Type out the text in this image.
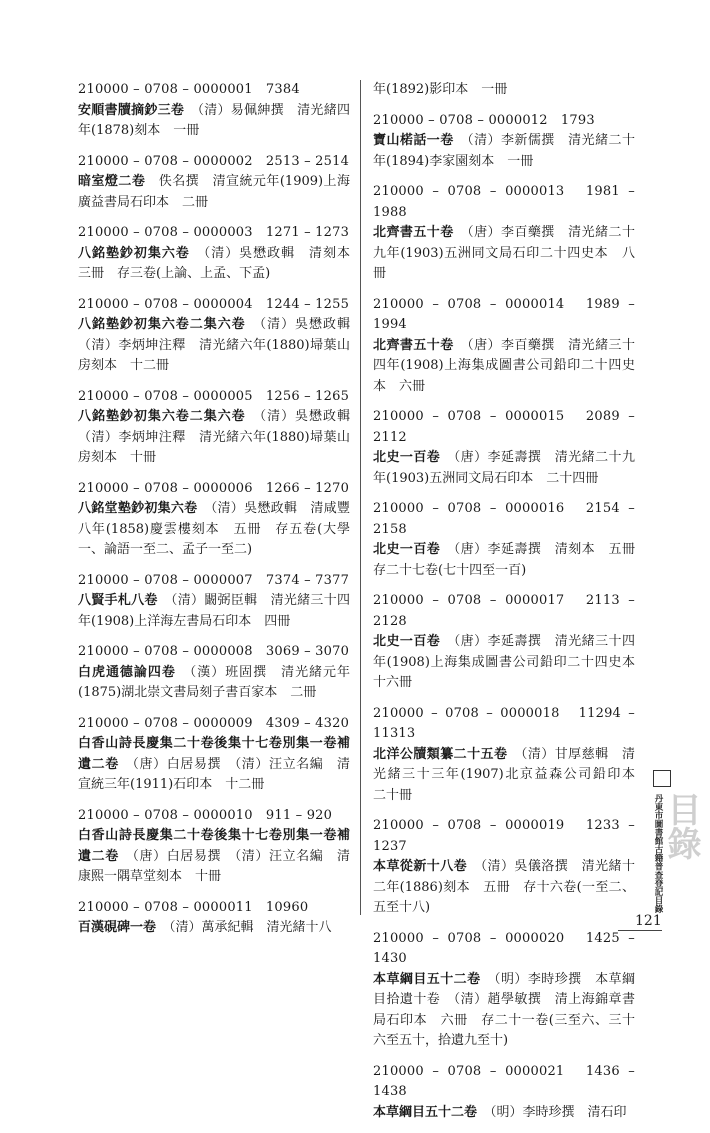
210000 – 0708 – 0000001　7384

安順書牘摘鈔三卷　 （清）易佩紳撰　清光緒四年(1878)刻本　一冊

210000 – 0708 – 0000002　2513 – 2514

暗室燈二卷　 佚名撰　清宣統元年(1909)上海廣益書局石印本　二冊

210000 – 0708 – 0000003　1271 – 1273

八銘塾鈔初集六卷　 （清）吳懋政輯　清刻本　三冊　存三卷(上論、上孟、下孟)

210000 – 0708 – 0000004　1244 – 1255

八銘塾鈔初集六卷二集六卷　 （清）吳懋政輯　（清）李炳坤注釋　清光緒六年(1880)埽葉山房刻本　十二冊

210000 – 0708 – 0000005　1256 – 1265

八銘塾鈔初集六卷二集六卷　 （清）吳懋政輯　（清）李炳坤注釋　清光緒六年(1880)埽葉山房刻本　十冊

210000 – 0708 – 0000006　1266 – 1270

八銘堂塾鈔初集六卷　 （清）吳懋政輯　清咸豐八年(1858)慶雲樓刻本　五冊　存五卷(大學一、論語一至二、孟子一至二)

210000 – 0708 – 0000007　7374 – 7377

八賢手札八卷　 （清）闞弼臣輯　清光緒三十四年(1908)上洋海左書局石印本　四冊

210000 – 0708 – 0000008　3069 – 3070

白虎通德論四卷　 （漢）班固撰　清光緒元年(1875)湖北崇文書局刻子書百家本　二冊

210000 – 0708 – 0000009　4309 – 4320

白香山詩長慶集二十卷後集十七卷別集一卷補遺二卷　 （唐）白居易撰　（清）汪立名編　清宣統三年(1911)石印本　十二冊

210000 – 0708 – 0000010　911 – 920

白香山詩長慶集二十卷後集十七卷別集一卷補遺二卷　 （唐）白居易撰　（清）汪立名編　清康熙一隅草堂刻本　十冊

210000 – 0708 – 0000011　10960

百漢硯碑一卷　 （清）萬承紀輯　清光緒十八

年(1892)影印本　一冊

210000 – 0708 – 0000012　1793

寶山楉話一卷　 （清）李新儒撰　清光緒二十年(1894)李家園刻本　一冊

210000 – 0708 – 0000013　1981 – 1988

北齊書五十卷　 （唐）李百藥撰　清光緒二十九年(1903)五洲同文局石印二十四史本　八冊

210000 – 0708 – 0000014　1989 – 1994

北齊書五十卷　 （唐）李百藥撰　清光緒三十四年(1908)上海集成圖書公司鉛印二十四史本　六冊

210000 – 0708 – 0000015　2089 – 2112

北史一百卷　 （唐）李延壽撰　清光緒二十九年(1903)五洲同文局石印本　二十四冊

210000 – 0708 – 0000016　2154 – 2158

北史一百卷　 （唐）李延壽撰　清刻本　五冊　存二十七卷(七十四至一百)

210000 – 0708 – 0000017　2113 – 2128

北史一百卷　 （唐）李延壽撰　清光緒三十四年(1908)上海集成圖書公司鉛印二十四史本　十六冊

210000 – 0708 – 0000018　11294 – 11313

北洋公牘類纂二十五卷　 （清）甘厚慈輯　清光緒三十三年(1907)北京益森公司鉛印本　二十冊

210000 – 0708 – 0000019　1233 – 1237

本草從新十八卷　 （清）吳儀洛撰　清光緒十二年(1886)刻本　五冊　存十六卷(一至二、五至十八)

210000 – 0708 – 0000020　1425 – 1430

本草綱目五十二卷　 （明）李時珍撰　本草綱目拾遺十卷　（清）趙學敏撰　清上海錦章書局石印本　六冊　存二十一卷(三至六、三十六至五十，拾遺九至十)

210000 – 0708 – 0000021　1436 – 1438

本草綱目五十二卷　 （明）李時珍撰　清石印

丹東市圖書館古籍普查登記目錄
目錄
121
